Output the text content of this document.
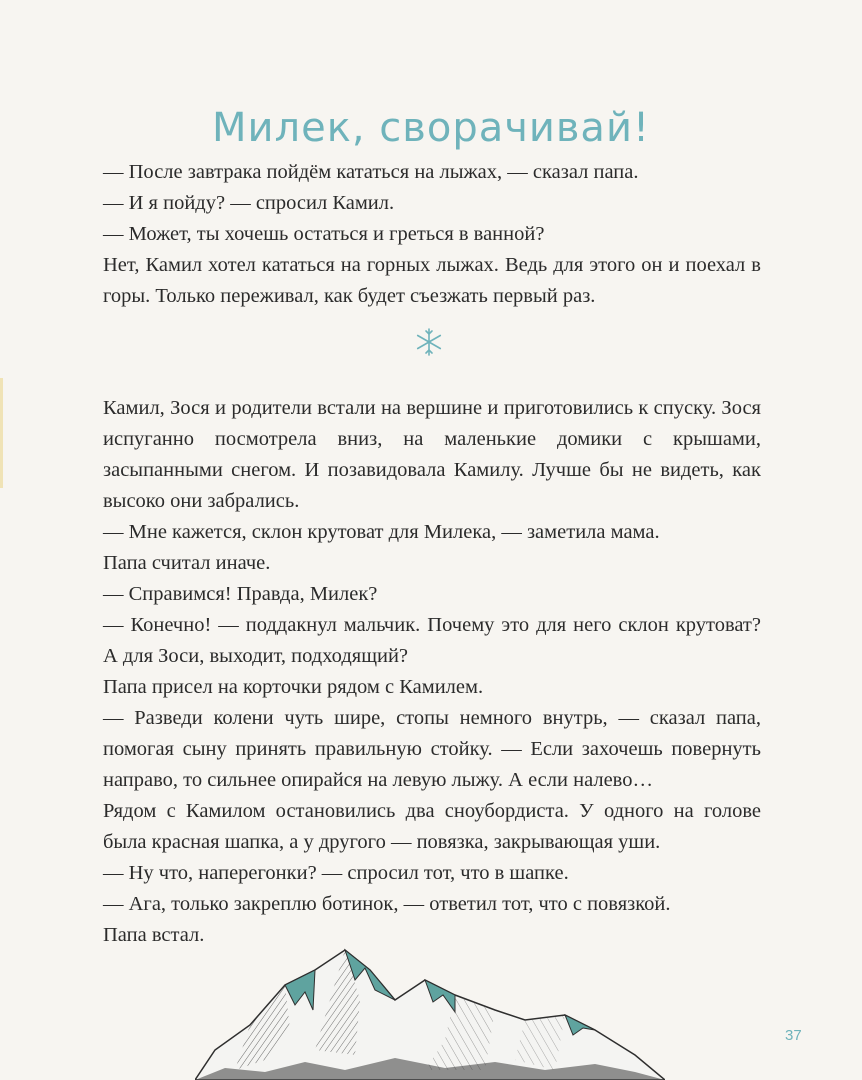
Милек, сворачивай!

— После завтрака пойдём кататься на лыжах, — сказал папа.

— И я пойду? — спросил Камил.

— Может, ты хочешь остаться и греться в ванной?

Нет, Камил хотел кататься на горных лыжах. Ведь для этого он и поехал в горы. Только переживал, как будет съезжать первый раз.

Камил, Зося и родители встали на вершине и приготовились к спуску. Зося испуганно посмотрела вниз, на маленькие домики с крышами, засыпанными снегом. И позавидовала Камилу. Лучше бы не видеть, как высоко они забрались.

— Мне кажется, склон крутоват для Милека, — заметила мама.

Папа считал иначе.

— Справимся! Правда, Милек?

— Конечно! — поддакнул мальчик. Почему это для него склон крутоват? А для Зоси, выходит, подходящий?

Папа присел на корточки рядом с Камилем.

— Разведи колени чуть шире, стопы немного внутрь, — сказал папа, помогая сыну принять правильную стойку. — Если захочешь повернуть направо, то сильнее опирайся на левую лыжу. А если налево…

Рядом с Камилом остановились два сноубордиста. У одного на голове была красная шапка, а у другого — повязка, закрывающая уши.

— Ну что, наперегонки? — спросил тот, что в шапке.

— Ага, только закреплю ботинок, — ответил тот, что с повязкой.

Папа встал.

37
